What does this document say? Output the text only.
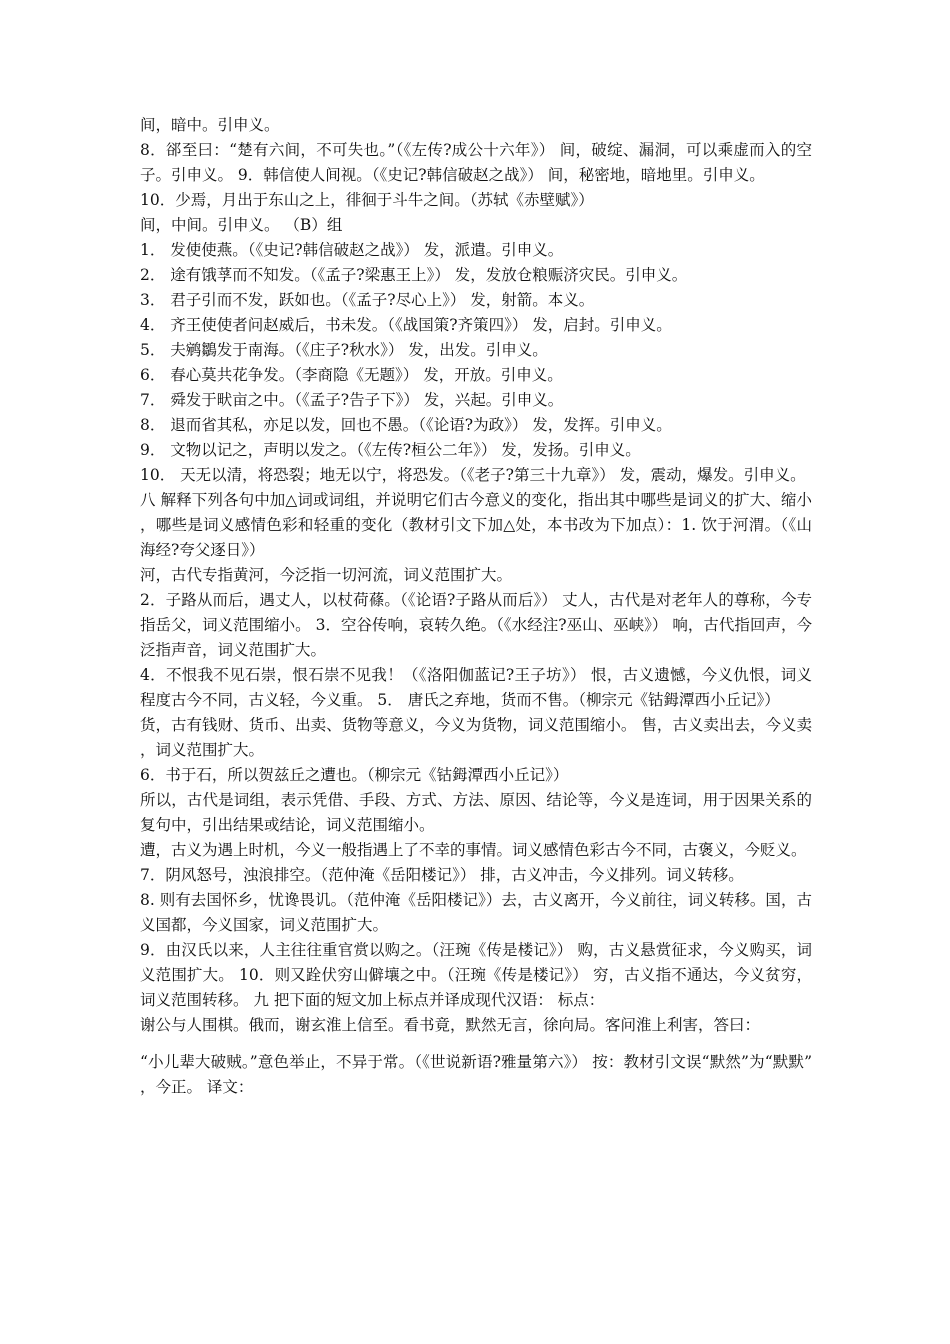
间，暗中。引申义。

8．郤至曰：“楚有六间，不可失也。”（《左传?成公十六年》） 间，破绽、漏洞，可以乘虚而入的空子。引申义。 9．韩信使人间视。（《史记?韩信破赵之战》） 间，秘密地，暗地里。引申义。

10．少焉，月出于东山之上，徘徊于斗牛之间。（苏轼《赤壁赋》）

间，中间。引申义。 （B）组

1． 发使使燕。（《史记?韩信破赵之战》） 发，派遣。引申义。

2． 途有饿莩而不知发。（《孟子?梁惠王上》） 发，发放仓粮赈济灾民。引申义。

3． 君子引而不发，跃如也。（《孟子?尽心上》） 发，射箭。本义。

4． 齐王使使者问赵威后，书未发。（《战国策?齐策四》） 发，启封。引申义。

5． 夫鹓鶵发于南海。（《庄子?秋水》） 发，出发。引申义。

6． 春心莫共花争发。（李商隐《无题》） 发，开放。引申义。

7． 舜发于畎亩之中。（《孟子?告子下》） 发，兴起。引申义。

8． 退而省其私，亦足以发，回也不愚。（《论语?为政》） 发，发挥。引申义。

9． 文物以记之，声明以发之。（《左传?桓公二年》） 发，发扬。引申义。

10． 天无以清，将恐裂；地无以宁，将恐发。（《老子?第三十九章》） 发，震动，爆发。引申义。

八 解释下列各句中加△词或词组，并说明它们古今意义的变化，指出其中哪些是词义的扩大、缩小，哪些是词义感情色彩和轻重的变化（教材引文下加△处，本书改为下加点）：1. 饮于河渭。（《山海经?夸父逐日》）

河，古代专指黄河，今泛指一切河流，词义范围扩大。

2．子路从而后，遇丈人，以杖荷蓧。（《论语?子路从而后》） 丈人，古代是对老年人的尊称，今专指岳父，词义范围缩小。 3．空谷传响，哀转久绝。（《水经注?巫山、巫峡》） 响，古代指回声，今泛指声音，词义范围扩大。

4．不恨我不见石崇，恨石崇不见我！（《洛阳伽蓝记?王子坊》） 恨，古义遗憾，今义仇恨，词义程度古今不同，古义轻，今义重。 5． 唐氏之弃地，货而不售。（柳宗元《钴鉧潭西小丘记》）

货，古有钱财、货币、出卖、货物等意义，今义为货物，词义范围缩小。 售，古义卖出去，今义卖，词义范围扩大。

6．书于石，所以贺兹丘之遭也。（柳宗元《钴鉧潭西小丘记》）

所以，古代是词组，表示凭借、手段、方式、方法、原因、结论等，今义是连词，用于因果关系的复句中，引出结果或结论，词义范围缩小。

遭，古义为遇上时机，今义一般指遇上了不幸的事情。词义感情色彩古今不同，古褒义，今贬义。

7．阴风怒号，浊浪排空。（范仲淹《岳阳楼记》） 排，古义冲击，今义排列。词义转移。

8. 则有去国怀乡，忧谗畏讥。（范仲淹《岳阳楼记》）去，古义离开，今义前往，词义转移。国，古义国都，今义国家，词义范围扩大。

9．由汉氏以来，人主往往重官赏以购之。（汪琬《传是楼记》） 购，古义悬赏征求，今义购买，词义范围扩大。 10．则又跧伏穷山僻壤之中。（汪琬《传是楼记》） 穷，古义指不通达，今义贫穷，词义范围转移。 九 把下面的短文加上标点并译成现代汉语： 标点：

谢公与人围棋。俄而，谢玄淮上信至。看书竟，默然无言，徐向局。客问淮上利害，答曰：

“小儿辈大破贼。”意色举止，不异于常。（《世说新语?雅量第六》） 按：教材引文误“默然”为“默默”，今正。 译文：
